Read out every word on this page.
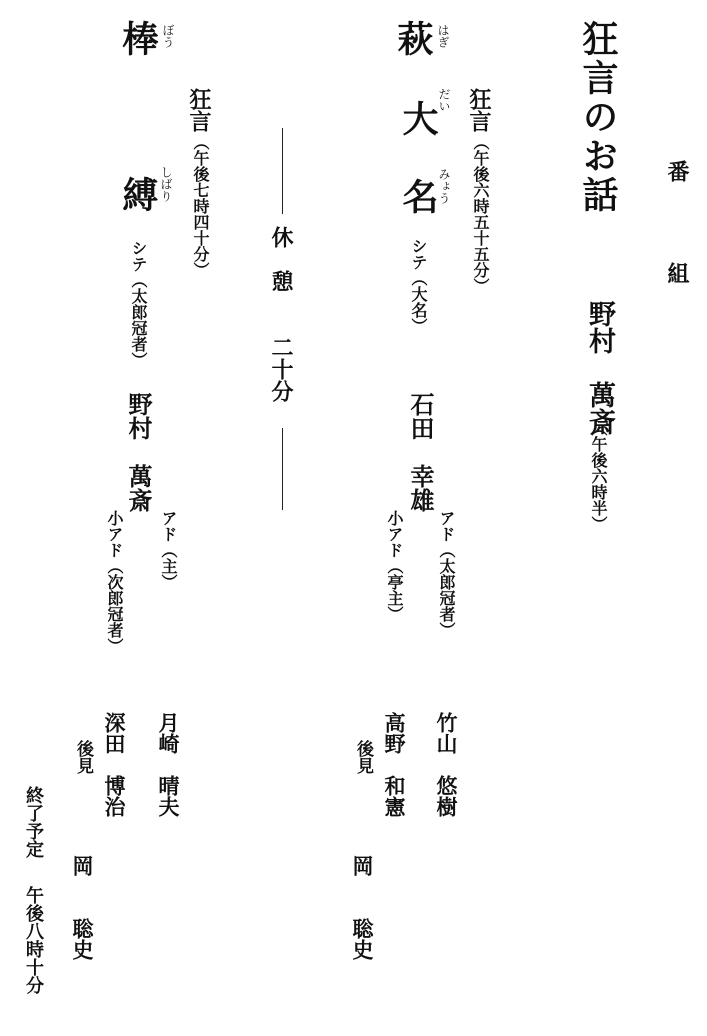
狂言のお話
野村　萬斎
（午後六時半）
番
組
萩 はぎ
大
だい
名
みょう
狂言
（午後六時五十五分）
シテ（大名）
石田　幸雄
アド（太郎冠者）
小アド（亭主）
竹山　悠樹
高野　和憲
後見
岡　　聡史
休　憩　　二十分
棒 ぼう
狂言
（午後七時四十分）
縛 しばり
シテ（太郎冠者）
野村　萬斎
アド（主）
小アド（次郎冠者）
月崎　晴夫
深田　博治
後見
岡　　聡史
終了予定
午後八時十分
